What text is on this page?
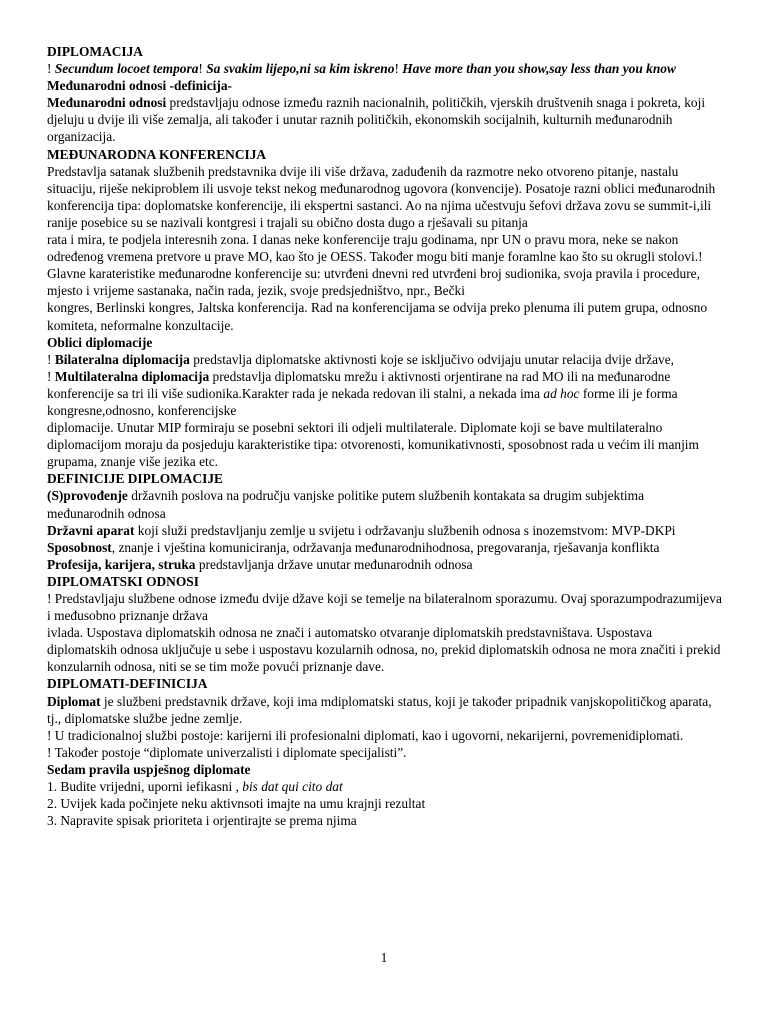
DIPLOMACIJA
! Secundum locoet tempora! Sa svakim lijepo,ni sa kim iskreno! Have more than you show,say less than you know
Međunarodni odnosi -definicija-
Međunarodni odnosi predstavljaju odnose između raznih nacionalnih, političkih, vjerskih društvenih snaga i pokreta, koji djeluju u dvije ili više zemalja, ali također i unutar raznih političkih, ekonomskih socijalnih, kulturnih međunarodnih organizacija.
MEĐUNARODNA KONFERENCIJA
Predstavlja satanak službenih predstavnika dvije ili više država, zaduđenih da razmotre neko otvoreno pitanje, nastalu situaciju, riješe nekiproblem ili usvoje tekst nekog međunarodnog ugovora (konvencije). Posatoje razni oblici međunarodnih konferencija tipa: doplomatske konferencije, ili ekspertni sastanci. Ao na njima učestvuju šefovi država zovu se summit-i,ili ranije posebice su se nazivali kontgresi i trajali su obično dosta dugo a rješavali su pitanja
rata i mira, te podjela interesnih zona. I danas neke konferencije traju godinama, npr UN o pravu mora, neke se nakon određenog vremena pretvore u prave MO, kao što je OESS. Također mogu biti manje foramlne kao što su okrugli stolovi.! Glavne karateristike međunarodne konferencije su: utvrđeni dnevni red utvrđeni broj sudionika, svoja pravila i procedure, mjesto i vrijeme sastanaka, način rada, jezik, svoje predsjedništvo, npr., Bečki
kongres, Berlinski kongres, Jaltska konferencija. Rad na konferencijama se odvija preko plenuma ili putem grupa, odnosno komiteta, neformalne konzultacije.
Oblici diplomacije
! Bilateralna diplomacija predstavlja diplomatske aktivnosti koje se isključivo odvijaju unutar relacija dvije države,
! Multilateralna diplomacija predstavlja diplomatsku mrežu i aktivnosti orjentirane na rad MO ili na međunarodne konferencije sa tri ili više sudionika.Karakter rada je nekada redovan ili stalni, a nekada ima ad hoc forme ili je forma kongresne,odnosno, konferencijske
diplomacije. Unutar MIP formiraju se posebni sektori ili odjeli multilaterale. Diplomate koji se bave multilateralno diplomacijom moraju da posjeduju karakteristike tipa: otvorenosti, komunikativnosti, sposobnost rada u većim ili manjim grupama, znanje više jezika etc.
DEFINICIJE DIPLOMACIJE
(S)provođenje državnih poslova na području vanjske politike putem službenih kontakata sa drugim subjektima međunarodnih odnosa
Državni aparat koji služi predstavljanju zemlje u svijetu i održavanju službenih odnosa s inozemstvom: MVP-DKPi
Sposobnost, znanje i vještina komuniciranja, održavanja međunarodnihodnosa, pregovaranja, rješavanja konflikta
Profesija, karijera, struka predstavljanja države unutar međunarodnih odnosa
DIPLOMATSKI ODNOSI
! Predstavljaju službene odnose između dvije džave koji se temelje na bilateralnom sporazumu. Ovaj sporazumpodrazumijeva i međusobno priznanje država
ivlada. Uspostava diplomatskih odnosa ne znači i automatsko otvaranje diplomatskih predstavništava. Uspostava diplomatskih odnosa uključuje u sebe i uspostavu kozularnih odnosa, no, prekid diplomatskih odnosa ne mora značiti i prekid konzularnih odnosa, niti se se tim može povući priznanje dave.
DIPLOMATI-DEFINICIJA
Diplomat je službeni predstavnik države, koji ima mdiplomatski status, koji je također pripadnik vanjskopolitičkog aparata, tj., diplomatske službe jedne zemlje.
! U tradicionalnoj službi postoje: karijerni ili profesionalni diplomati, kao i ugovorni, nekarijerni, povremenidiplomati.
! Također postoje “diplomate univerzalisti i diplomate specijalisti”.
Sedam pravila uspješnog diplomate
1. Budite vrijedni, uporni iefikasni , bis dat qui cito dat
2. Uvijek kada počinjete neku aktivnsoti imajte na umu krajnji rezultat
3. Napravite spisak prioriteta i orjentirajte se prema njima
1
